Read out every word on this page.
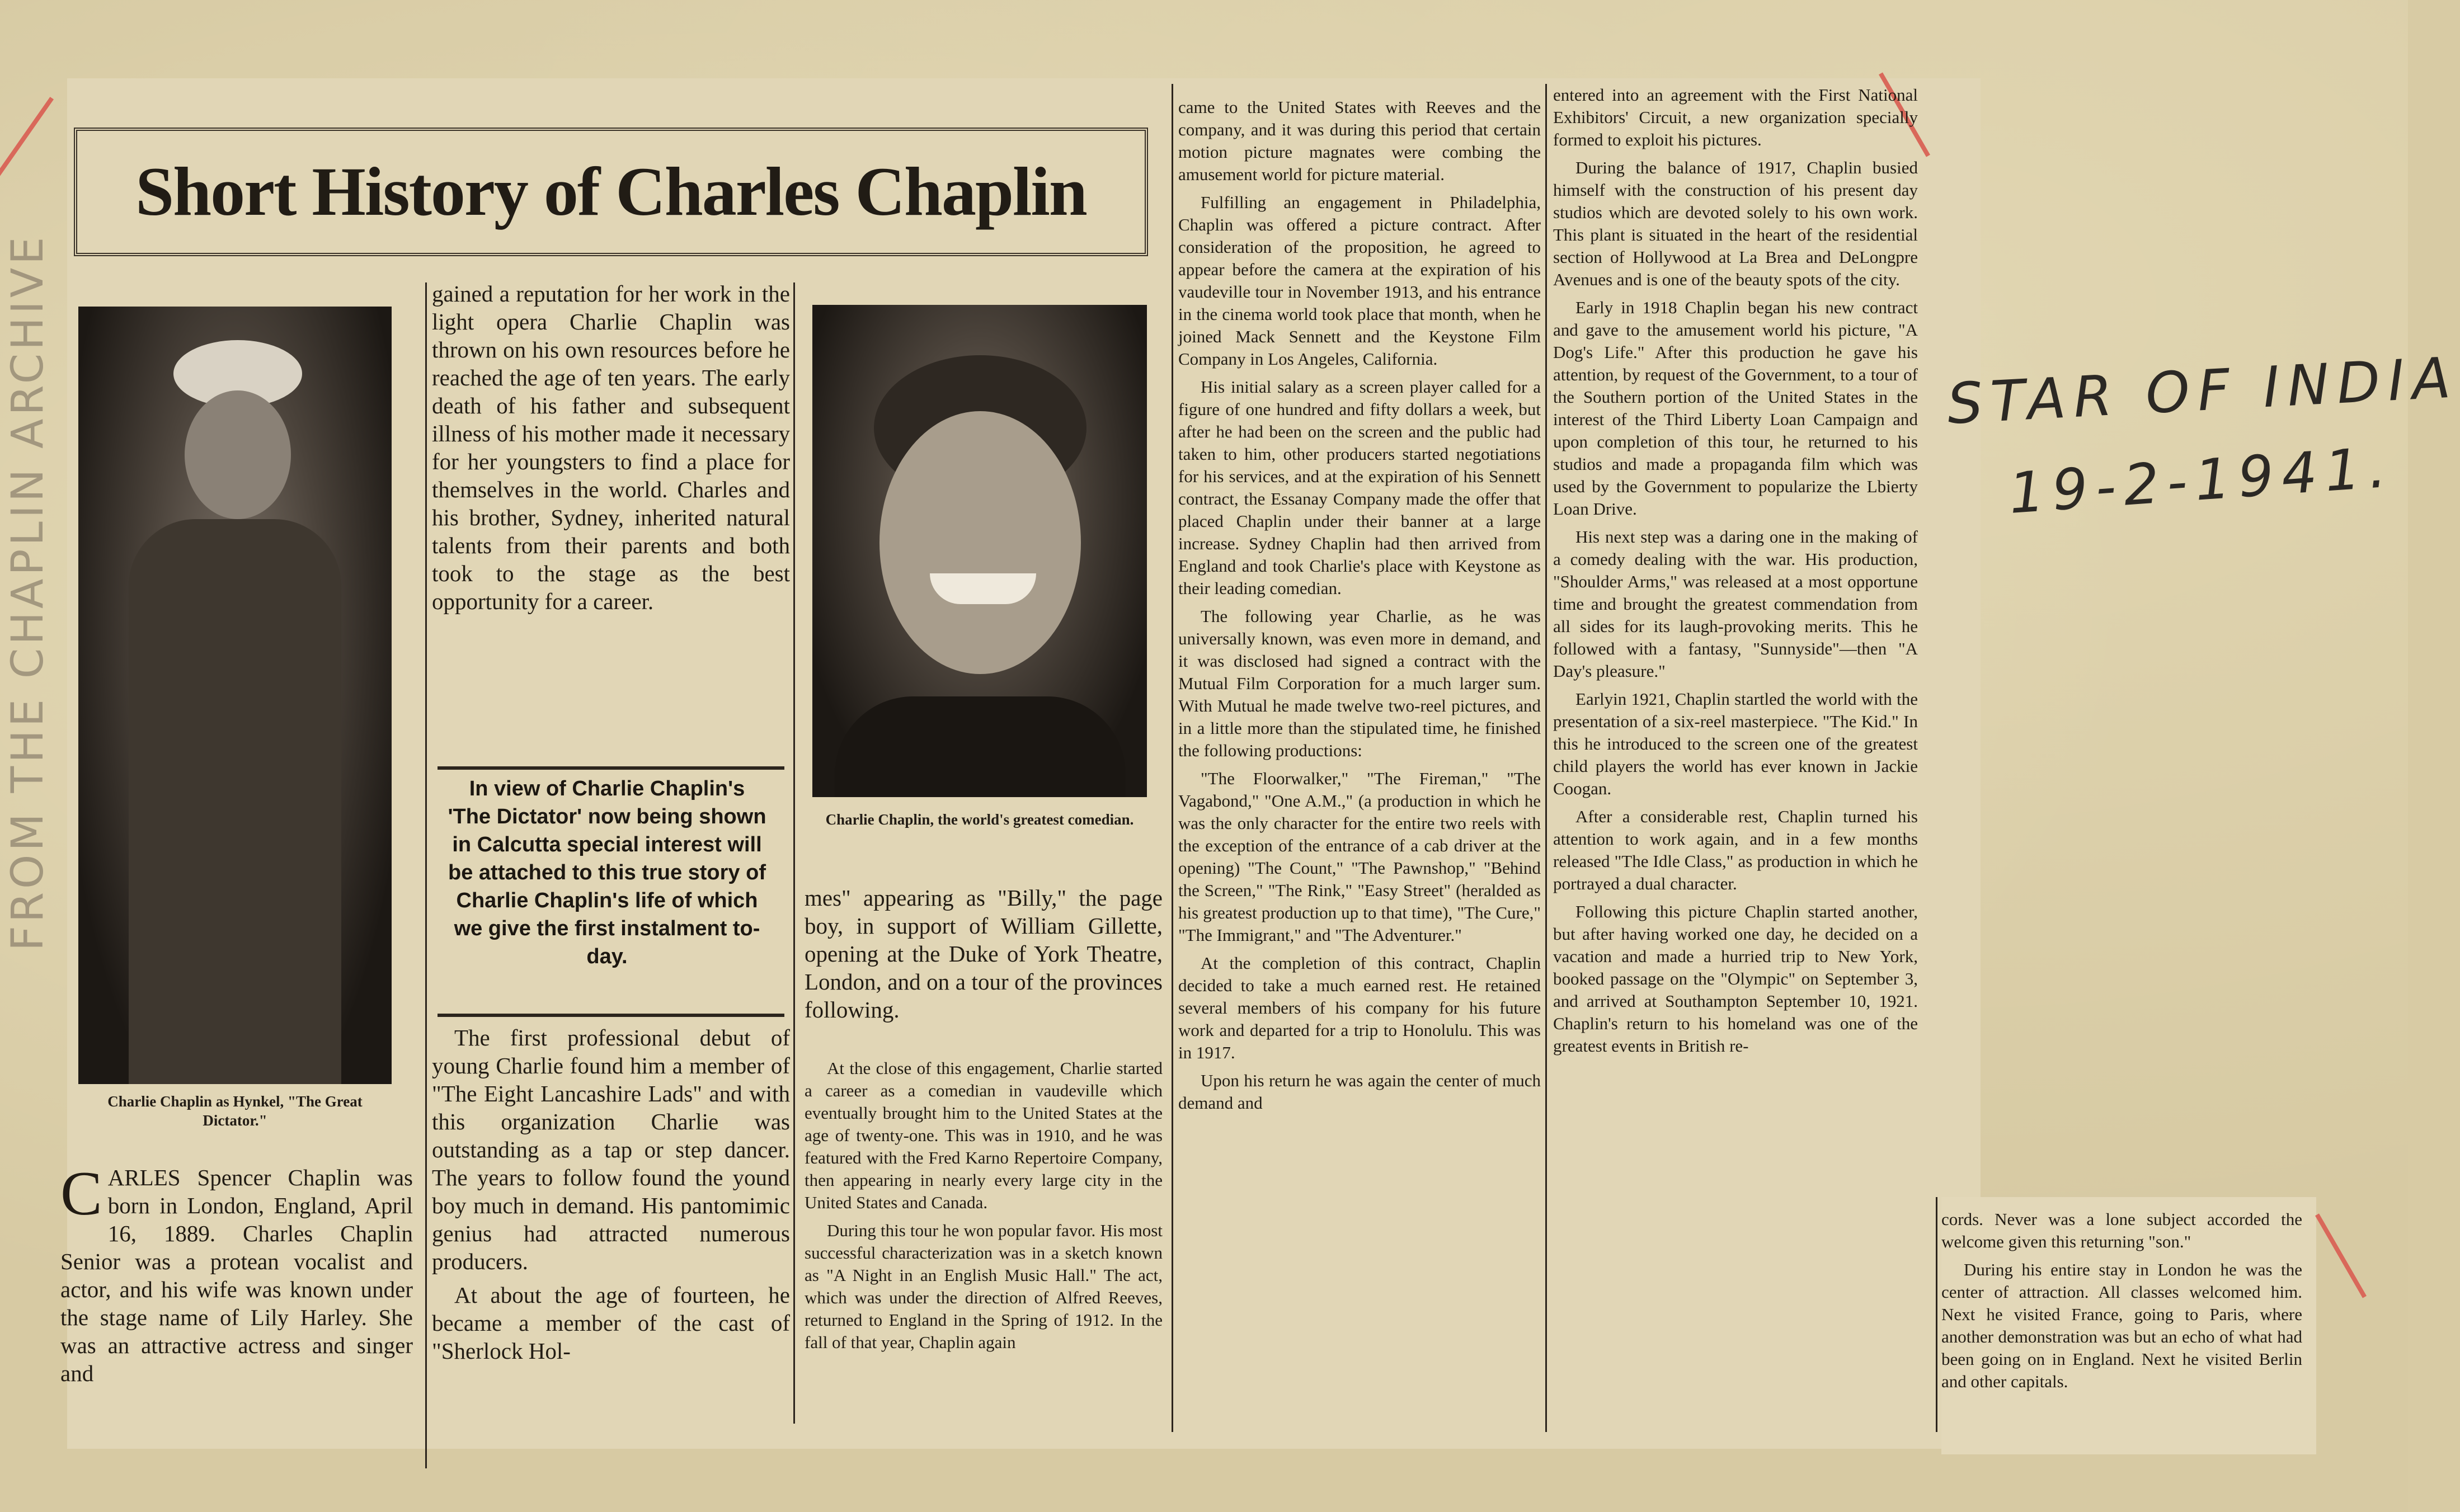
FROM THE CHAPLIN ARCHIVE
Short History of Charles Chaplin
Charlie Chaplin as Hynkel, "The Great Dictator."
Charlie Chaplin, the world's greatest comedian.

CARLES Spencer Chaplin was born in London, England, April 16, 1889. Charles Chaplin Senior was a protean vocalist and actor, and his wife was known under the stage name of Lily Harley. She was an attractive actress and singer and

gained a reputation for her work in the light opera Charlie Chaplin was thrown on his own resources before he reached the age of ten years. The early death of his father and subsequent illness of his mother made it necessary for her youngsters to find a place for themselves in the world. Charles and his brother, Sydney, inherited natural talents from their parents and both took to the stage as the best opportunity for a career.

In view of Charlie Chaplin's 'The Dictator' now being shown in Calcutta special interest will be attached to this true story of Charlie Chaplin's life of which we give the first instalment to-day.

The first professional debut of young Charlie found him a member of "The Eight Lancashire Lads" and with this organization Charlie was outstanding as a tap or step dancer. The years to follow found the yound boy much in demand. His pantomimic genius had attracted numerous producers.

At about the age of fourteen, he became a member of the cast of "Sherlock Hol-

mes" appearing as "Billy," the page boy, in support of William Gillette, opening at the Duke of York Theatre, London, and on a tour of the provinces following.

At the close of this engagement, Charlie started a career as a comedian in vaudeville which eventually brought him to the United States at the age of twenty-one. This was in 1910, and he was featured with the Fred Karno Repertoire Company, then appearing in nearly every large city in the United States and Canada.

During this tour he won popular favor. His most successful characterization was in a sketch known as "A Night in an English Music Hall." The act, which was under the direction of Alfred Reeves, returned to England in the Spring of 1912. In the fall of that year, Chaplin again

came to the United States with Reeves and the company, and it was during this period that certain motion picture magnates were combing the amusement world for picture material.

Fulfilling an engagement in Philadelphia, Chaplin was offered a picture contract. After consideration of the proposition, he agreed to appear before the camera at the expiration of his vaudeville tour in November 1913, and his entrance in the cinema world took place that month, when he joined Mack Sennett and the Keystone Film Company in Los Angeles, California.

His initial salary as a screen player called for a figure of one hundred and fifty dollars a week, but after he had been on the screen and the public had taken to him, other producers started negotiations for his services, and at the expiration of his Sennett contract, the Essanay Company made the offer that placed Chaplin under their banner at a large increase. Sydney Chaplin had then arrived from England and took Charlie's place with Keystone as their leading comedian.

The following year Charlie, as he was universally known, was even more in demand, and it was disclosed had signed a contract with the Mutual Film Corporation for a much larger sum. With Mutual he made twelve two-reel pictures, and in a little more than the stipulated time, he finished the following productions:

"The Floorwalker," "The Fireman," "The Vagabond," "One A.M.," (a production in which he was the only character for the entire two reels with the exception of the entrance of a cab driver at the opening) "The Count," "The Pawnshop," "Behind the Screen," "The Rink," "Easy Street" (heralded as his greatest production up to that time), "The Cure," "The Immigrant," and "The Adventurer."

At the completion of this contract, Chaplin decided to take a much earned rest. He retained several members of his company for his future work and departed for a trip to Honolulu. This was in 1917.

Upon his return he was again the center of much demand and

entered into an agreement with the First National Exhibitors' Circuit, a new organization specially formed to exploit his pictures.

During the balance of 1917, Chaplin busied himself with the construction of his present day studios which are devoted solely to his own work. This plant is situated in the heart of the residential section of Hollywood at La Brea and DeLongpre Avenues and is one of the beauty spots of the city.

Early in 1918 Chaplin began his new contract and gave to the amusement world his picture, "A Dog's Life." After this production he gave his attention, by request of the Government, to a tour of the Southern portion of the United States in the interest of the Third Liberty Loan Campaign and upon completion of this tour, he returned to his studios and made a propaganda film which was used by the Government to popularize the Lbierty Loan Drive.

His next step was a daring one in the making of a comedy dealing with the war. His production, "Shoulder Arms," was released at a most opportune time and brought the greatest commendation from all sides for its laugh-provoking merits. This he followed with a fantasy, "Sunnyside"—then "A Day's pleasure."

Earlyin 1921, Chaplin startled the world with the presentation of a six-reel masterpiece. "The Kid." In this he introduced to the screen one of the greatest child players the world has ever known in Jackie Coogan.

After a considerable rest, Chaplin turned his attention to work again, and in a few months released "The Idle Class," as production in which he portrayed a dual character.

Following this picture Chaplin started another, but after having worked one day, he decided on a vacation and made a hurried trip to New York, booked passage on the "Olympic" on September 3, and arrived at Southampton September 10, 1921. Chaplin's return to his homeland was one of the greatest events in British re-

cords. Never was a lone subject accorded the welcome given this returning "son."

During his entire stay in London he was the center of attraction. All classes welcomed him. Next he visited France, going to Paris, where another demonstration was but an echo of what had been going on in England. Next he visited Berlin and other capitals.

STAR OF INDIA
19-2-1941.
